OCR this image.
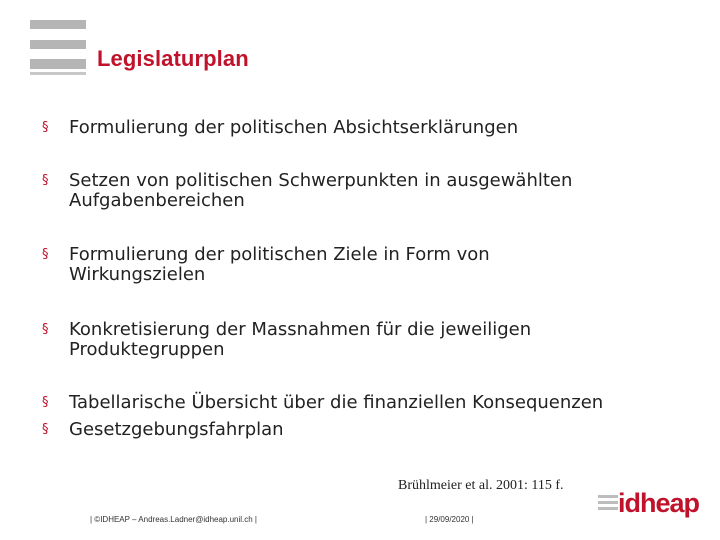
Legislaturplan
§ Formulierung der politischen Absichtserklärungen
§ Setzen von politischen Schwerpunkten in ausgewählten
Aufgabenbereichen
§ Formulierung der politischen Ziele in Form von
Wirkungszielen
§ Konkretisierung der Massnahmen für die jeweiligen
Produktegruppen
§ Tabellarische Übersicht über die finanziellen Konsequenzen
§ Gesetzgebungsfahrplan
Brühlmeier et al. 2001: 115 f.
| ©IDHEAP – Andreas.Ladner@idheap.unil.ch |	| 29/09/2020 |
idheap
